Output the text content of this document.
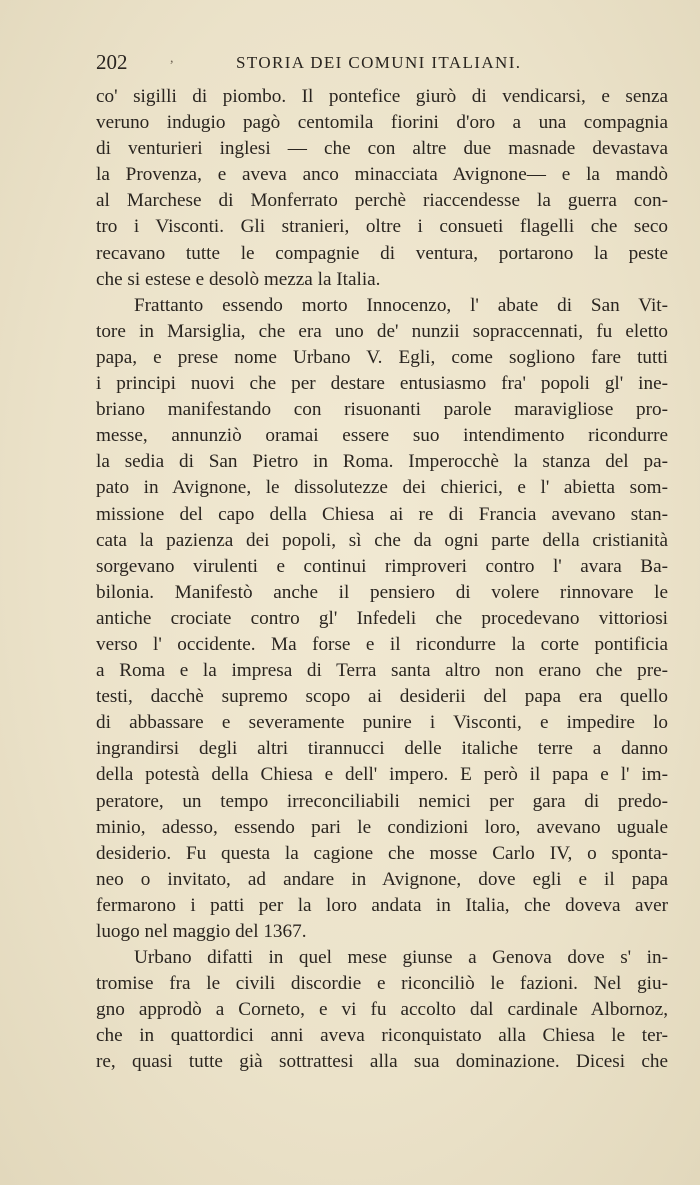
202	,	STORIA DEI COMUNI ITALIANI.
co' sigilli di piombo. Il pontefice giurò di vendicarsi, e senza
veruno indugio pagò centomila fiorini d'oro a una compagnia
di venturieri inglesi — che con altre due masnade devastava
la Provenza, e aveva anco minacciata Avignone— e la mandò
al Marchese di Monferrato perchè riaccendesse la guerra con-
tro i Visconti. Gli stranieri, oltre i consueti flagelli che seco
recavano tutte le compagnie di ventura, portarono la peste
che si estese e desolò mezza la Italia.
Frattanto essendo morto Innocenzo, l' abate di San Vit-
tore in Marsiglia, che era uno de' nunzii sopraccennati, fu eletto
papa, e prese nome Urbano V. Egli, come sogliono fare tutti
i principi nuovi che per destare entusiasmo fra' popoli gl' ine-
briano manifestando con risuonanti parole maravigliose pro-
messe, annunziò oramai essere suo intendimento ricondurre
la sedia di San Pietro in Roma. Imperocchè la stanza del pa-
pato in Avignone, le dissolutezze dei chierici, e l' abietta som-
missione del capo della Chiesa ai re di Francia avevano stan-
cata la pazienza dei popoli, sì che da ogni parte della cristianità
sorgevano virulenti e continui rimproveri contro l' avara Ba-
bilonia. Manifestò anche il pensiero di volere rinnovare le
antiche crociate contro gl' Infedeli che procedevano vittoriosi
verso l' occidente. Ma forse e il ricondurre la corte pontificia
a Roma e la impresa di Terra santa altro non erano che pre-
testi, dacchè supremo scopo ai desiderii del papa era quello
di abbassare e severamente punire i Visconti, e impedire lo
ingrandirsi degli altri tirannucci delle italiche terre a danno
della potestà della Chiesa e dell' impero. E però il papa e l' im-
peratore, un tempo irreconciliabili nemici per gara di predo-
minio, adesso, essendo pari le condizioni loro, avevano uguale
desiderio. Fu questa la cagione che mosse Carlo IV, o sponta-
neo o invitato, ad andare in Avignone, dove egli e il papa
fermarono i patti per la loro andata in Italia, che doveva aver
luogo nel maggio del 1367.
Urbano difatti in quel mese giunse a Genova dove s' in-
tromise fra le civili discordie e riconciliò le fazioni. Nel giu-
gno approdò a Corneto, e vi fu accolto dal cardinale Albornoz,
che in quattordici anni aveva riconquistato alla Chiesa le ter-
re, quasi tutte già sottrattesi alla sua dominazione. Dicesi che
